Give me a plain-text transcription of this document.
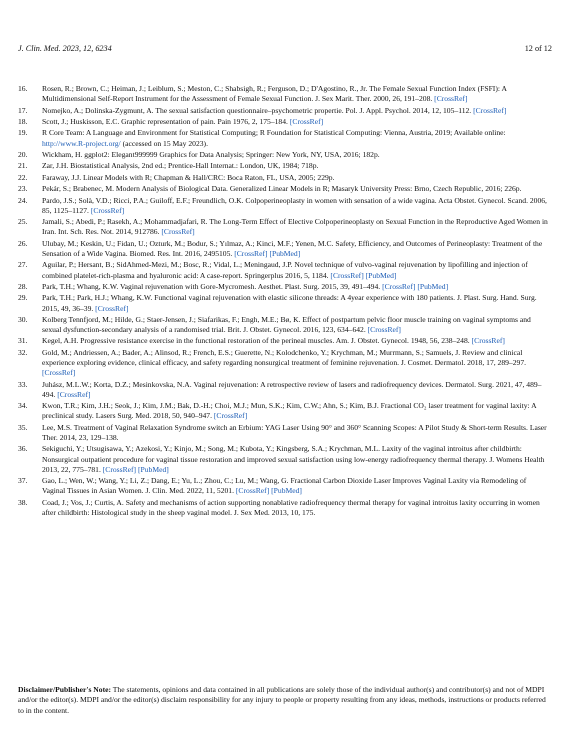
J. Clin. Med. 2023, 12, 6234	12 of 12
16.	Rosen, R.; Brown, C.; Heiman, J.; Leiblum, S.; Meston, C.; Shabsigh, R.; Ferguson, D.; D'Agostino, R., Jr. The Female Sexual Function Index (FSFI): A Multidimensional Self-Report Instrument for the Assessment of Female Sexual Function. J. Sex Marit. Ther. 2000, 26, 191–208. [CrossRef]
17.	Nomejko, A.; Dolinska-Zygmunt, A. The sexual satisfaction questionnaire–psychometric propertie. Pol. J. Appl. Psychol. 2014, 12, 105–112. [CrossRef]
18.	Scott, J.; Huskisson, E.C. Graphic representation of pain. Pain 1976, 2, 175–184. [CrossRef]
19.	R Core Team: A Language and Environment for Statistical Computing; R Foundation for Statistical Computing: Vienna, Austria, 2019; Available online: http://www.R-project.org/ (accessed on 15 May 2023).
20.	Wickham, H. ggplot2: Elegant999999 Graphics for Data Analysis; Springer: New York, NY, USA, 2016; 182p.
21.	Zar, J.H. Biostatistical Analysis, 2nd ed.; Prentice-Hall Internat.: London, UK, 1984; 718p.
22.	Faraway, J.J. Linear Models with R; Chapman & Hall/CRC: Boca Raton, FL, USA, 2005; 229p.
23.	Pekár, S.; Brabenec, M. Modern Analysis of Biological Data. Generalized Linear Models in R; Masaryk University Press: Brno, Czech Republic, 2016; 226p.
24.	Pardo, J.S.; Solà, V.D.; Ricci, P.A.; Guiloff, E.F.; Freundlich, O.K. Colpoperineoplasty in women with sensation of a wide vagina. Acta Obstet. Gynecol. Scand. 2006, 85, 1125–1127. [CrossRef]
25.	Jamali, S.; Abedi, P.; Rasekh, A.; Mohammadjafari, R. The Long-Term Effect of Elective Colpoperineoplasty on Sexual Function in the Reproductive Aged Women in Iran. Int. Sch. Res. Not. 2014, 912786. [CrossRef]
26.	Ulubay, M.; Keskin, U.; Fidan, U.; Ozturk, M.; Bodur, S.; Yılmaz, A.; Kinci, M.F.; Yenen, M.C. Safety, Efficiency, and Outcomes of Perineoplasty: Treatment of the Sensation of a Wide Vagina. Biomed. Res. Int. 2016, 2495105. [CrossRef] [PubMed]
27.	Aguilar, P.; Hersant, B.; SidAhmed-Mezi, M.; Bosc, R.; Vidal, L.; Meningaud, J.P. Novel technique of vulvo-vaginal rejuvenation by lipofilling and injection of combined platelet-rich-plasma and hyaluronic acid: A case-report. Springerplus 2016, 5, 1184. [CrossRef] [PubMed]
28.	Park, T.H.; Whang, K.W. Vaginal rejuvenation with Gore-Mycromesh. Aesthet. Plast. Surg. 2015, 39, 491–494. [CrossRef] [PubMed]
29.	Park, T.H.; Park, H.J.; Whang, K.W. Functional vaginal rejuvenation with elastic silicone threads: A 4year experience with 180 patients. J. Plast. Surg. Hand. Surg. 2015, 49, 36–39. [CrossRef]
30.	Kolberg Tennfjord, M.; Hilde, G.; Staer-Jensen, J.; Siafarikas, F.; Engh, M.E.; Bø, K. Effect of postpartum pelvic floor muscle training on vaginal symptoms and sexual dysfunction-secondary analysis of a randomised trial. Brit. J. Obstet. Gynecol. 2016, 123, 634–642. [CrossRef]
31.	Kegel, A.H. Progressive resistance exercise in the functional restoration of the perineal muscles. Am. J. Obstet. Gynecol. 1948, 56, 238–248. [CrossRef]
32.	Gold, M.; Andriessen, A.; Bader, A.; Alinsod, R.; French, E.S.; Guerette, N.; Kolodchenko, Y.; Krychman, M.; Murrmann, S.; Samuels, J. Review and clinical experience exploring evidence, clinical efficacy, and safety regarding nonsurgical treatment of feminine rejuvenation. J. Cosmet. Dermatol. 2018, 17, 289–297. [CrossRef]
33.	Juhász, M.L.W.; Korta, D.Z.; Mesinkovska, N.A. Vaginal rejuvenation: A retrospective review of lasers and radiofrequency devices. Dermatol. Surg. 2021, 47, 489–494. [CrossRef]
34.	Kwon, T.R.; Kim, J.H.; Seok, J.; Kim, J.M.; Bak, D.-H.; Choi, M.J.; Mun, S.K.; Kim, C.W.; Ahn, S.; Kim, B.J. Fractional CO₂ laser treatment for vaginal laxity: A preclinical study. Lasers Surg. Med. 2018, 50, 940–947. [CrossRef]
35.	Lee, M.S. Treatment of Vaginal Relaxation Syndrome switch an Erbium: YAG Laser Using 90° and 360° Scanning Scopes: A Pilot Study & Short-term Results. Laser Ther. 2014, 23, 129–138.
36.	Sekiguchi, Y.; Utsugisawa, Y.; Azekosi, Y.; Kinjo, M.; Song, M.; Kubota, Y.; Kingsberg, S.A.; Krychman, M.L. Laxity of the vaginal introitus after childbirth: Nonsurgical outpatient procedure for vaginal tissue restoration and improved sexual satisfaction using low-energy radiofrequency thermal therapy. J. Womens Health 2013, 22, 775–781. [CrossRef] [PubMed]
37.	Gao, L.; Wen, W.; Wang, Y.; Li, Z.; Dang, E.; Yu, L.; Zhou, C.; Lu, M.; Wang, G. Fractional Carbon Dioxide Laser Improves Vaginal Laxity via Remodeling of Vaginal Tissues in Asian Women. J. Clin. Med. 2022, 11, 5201. [CrossRef] [PubMed]
38.	Coad, J.; Vos, J.; Curtis, A. Safety and mechanisms of action supporting nonablative radiofrequency thermal therapy for vaginal introitus laxity occurring in women after childbirth: Histological study in the sheep vaginal model. J. Sex Med. 2013, 10, 175.
Disclaimer/Publisher's Note: The statements, opinions and data contained in all publications are solely those of the individual author(s) and contributor(s) and not of MDPI and/or the editor(s). MDPI and/or the editor(s) disclaim responsibility for any injury to people or property resulting from any ideas, methods, instructions or products referred to in the content.
